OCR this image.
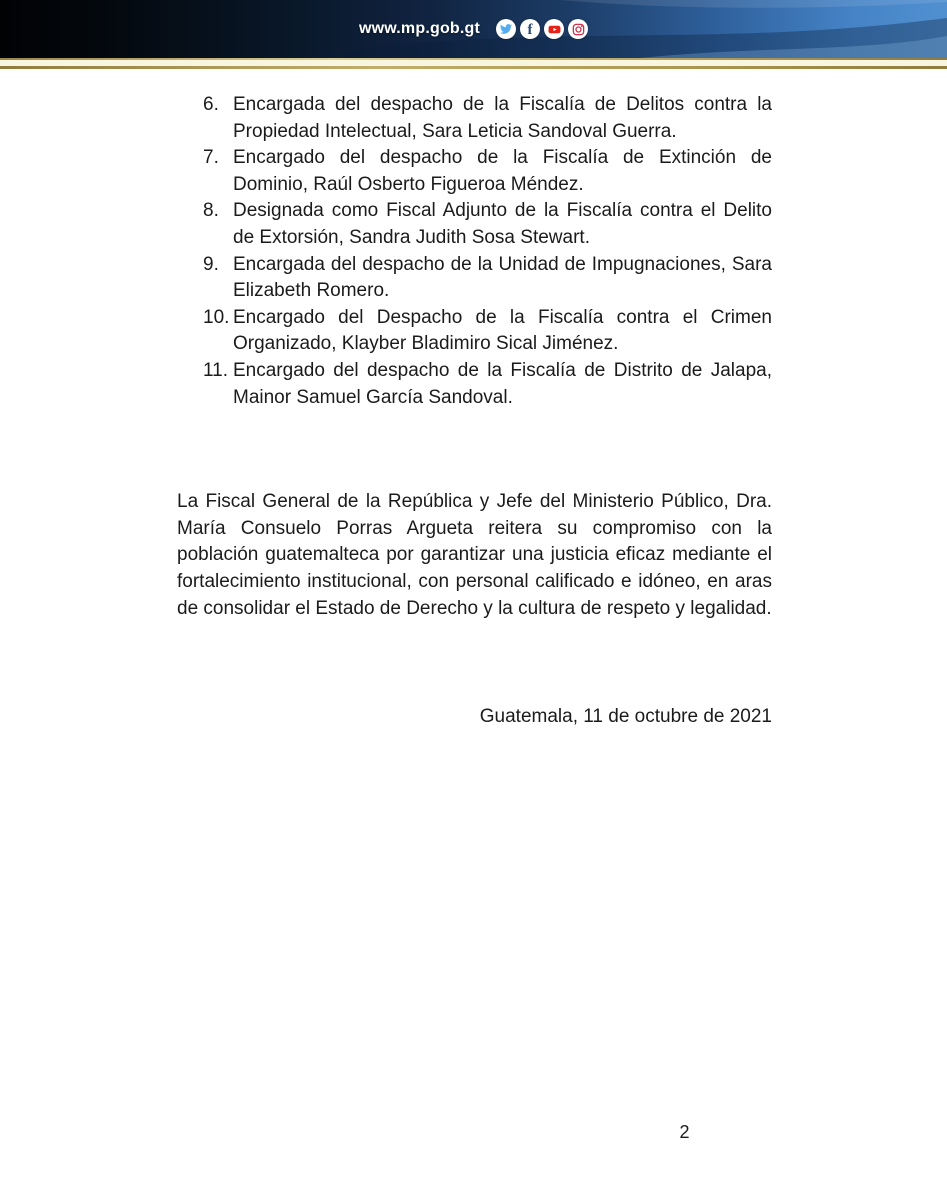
www.mp.gob.gt	f
6. Encargada del despacho de la Fiscalía de Delitos contra la Propiedad Intelectual, Sara Leticia Sandoval Guerra.
7. Encargado del despacho de la Fiscalía de Extinción de Dominio, Raúl Osberto Figueroa Méndez.
8. Designada como Fiscal Adjunto de la Fiscalía contra el Delito de Extorsión, Sandra Judith Sosa Stewart.
9. Encargada del despacho de la Unidad de Impugnaciones, Sara Elizabeth Romero.
10. Encargado del Despacho de la Fiscalía contra el Crimen Organizado, Klayber Bladimiro Sical Jiménez.
11. Encargado del despacho de la Fiscalía de Distrito de Jalapa, Mainor Samuel García Sandoval.

La Fiscal General de la República y Jefe del Ministerio Público, Dra. María Consuelo Porras Argueta reitera su compromiso con la población guatemalteca por garantizar una justicia eficaz mediante el fortalecimiento institucional, con personal calificado e idóneo, en aras de consolidar el Estado de Derecho y la cultura de respeto y legalidad.

Guatemala, 11 de octubre de 2021

2
